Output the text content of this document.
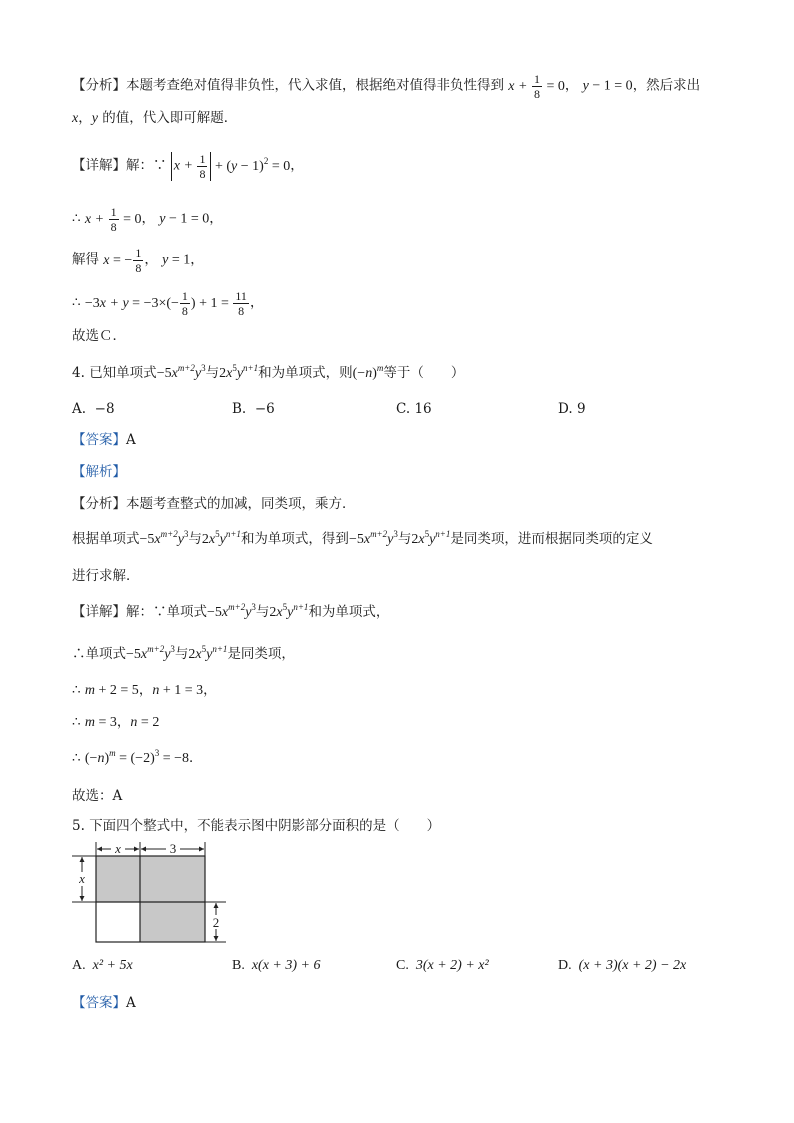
【分析】本题考查绝对值得非负性，代入求值，根据绝对值得非负性得到 $x + \frac{1}{8} = 0$， y − 1 = 0，然后求出
x，y 的值，代入即可解题．
【详解】解：∵ $x + \frac{1}{8} + (y - 1)^2 = 0$，
∴ $x + \frac{1}{8} = 0$， y − 1 = 0，
解得 x = − $\frac{1}{8}$ ， y = 1，
∴ $-3x + y = -3\times(- \frac{1}{8}$ ) + $1 = \frac{11}{8}$ ，
故选Ｃ．
4. 已知单项式$-5x^{m+2}y^3$与$2x^5y^{n+1}$和为单项式，则$(-n)^m$等于（　　）
A. −8	B. −6	C. 16	D. 9
【答案】A
【解析】
【分析】本题考查整式的加减，同类项，乘方．
根据单项式$-5x^{m+2}y^3$与$2x^5y^{n+1}$和为单项式，得到$-5x^{m+2}y^3$与$2x^5y^{n+1}$是同类项，进而根据同类项的定义
进行求解．
【详解】解：∵单项式$-5x^{m+2}y^3$与$2x^5y^{n+1}$和为单项式，
∴单项式$-5x^{m+2}y^3$与$2x^5y^{n+1}$是同类项，
∴ m + 2 = 5，n + 1 = 3，
∴ m = 3，n = 2
∴ $(-n)^m = (-2)^3 = -8$．
故选：A
5. 下面四个整式中，不能表示图中阴影部分面积的是（　　）
x	3
x
2
A. x² + 5x	B. x(x + 3) + 6	C. 3(x + 2) + x²	D. (x + 3)(x + 2) − 2x
【答案】A
